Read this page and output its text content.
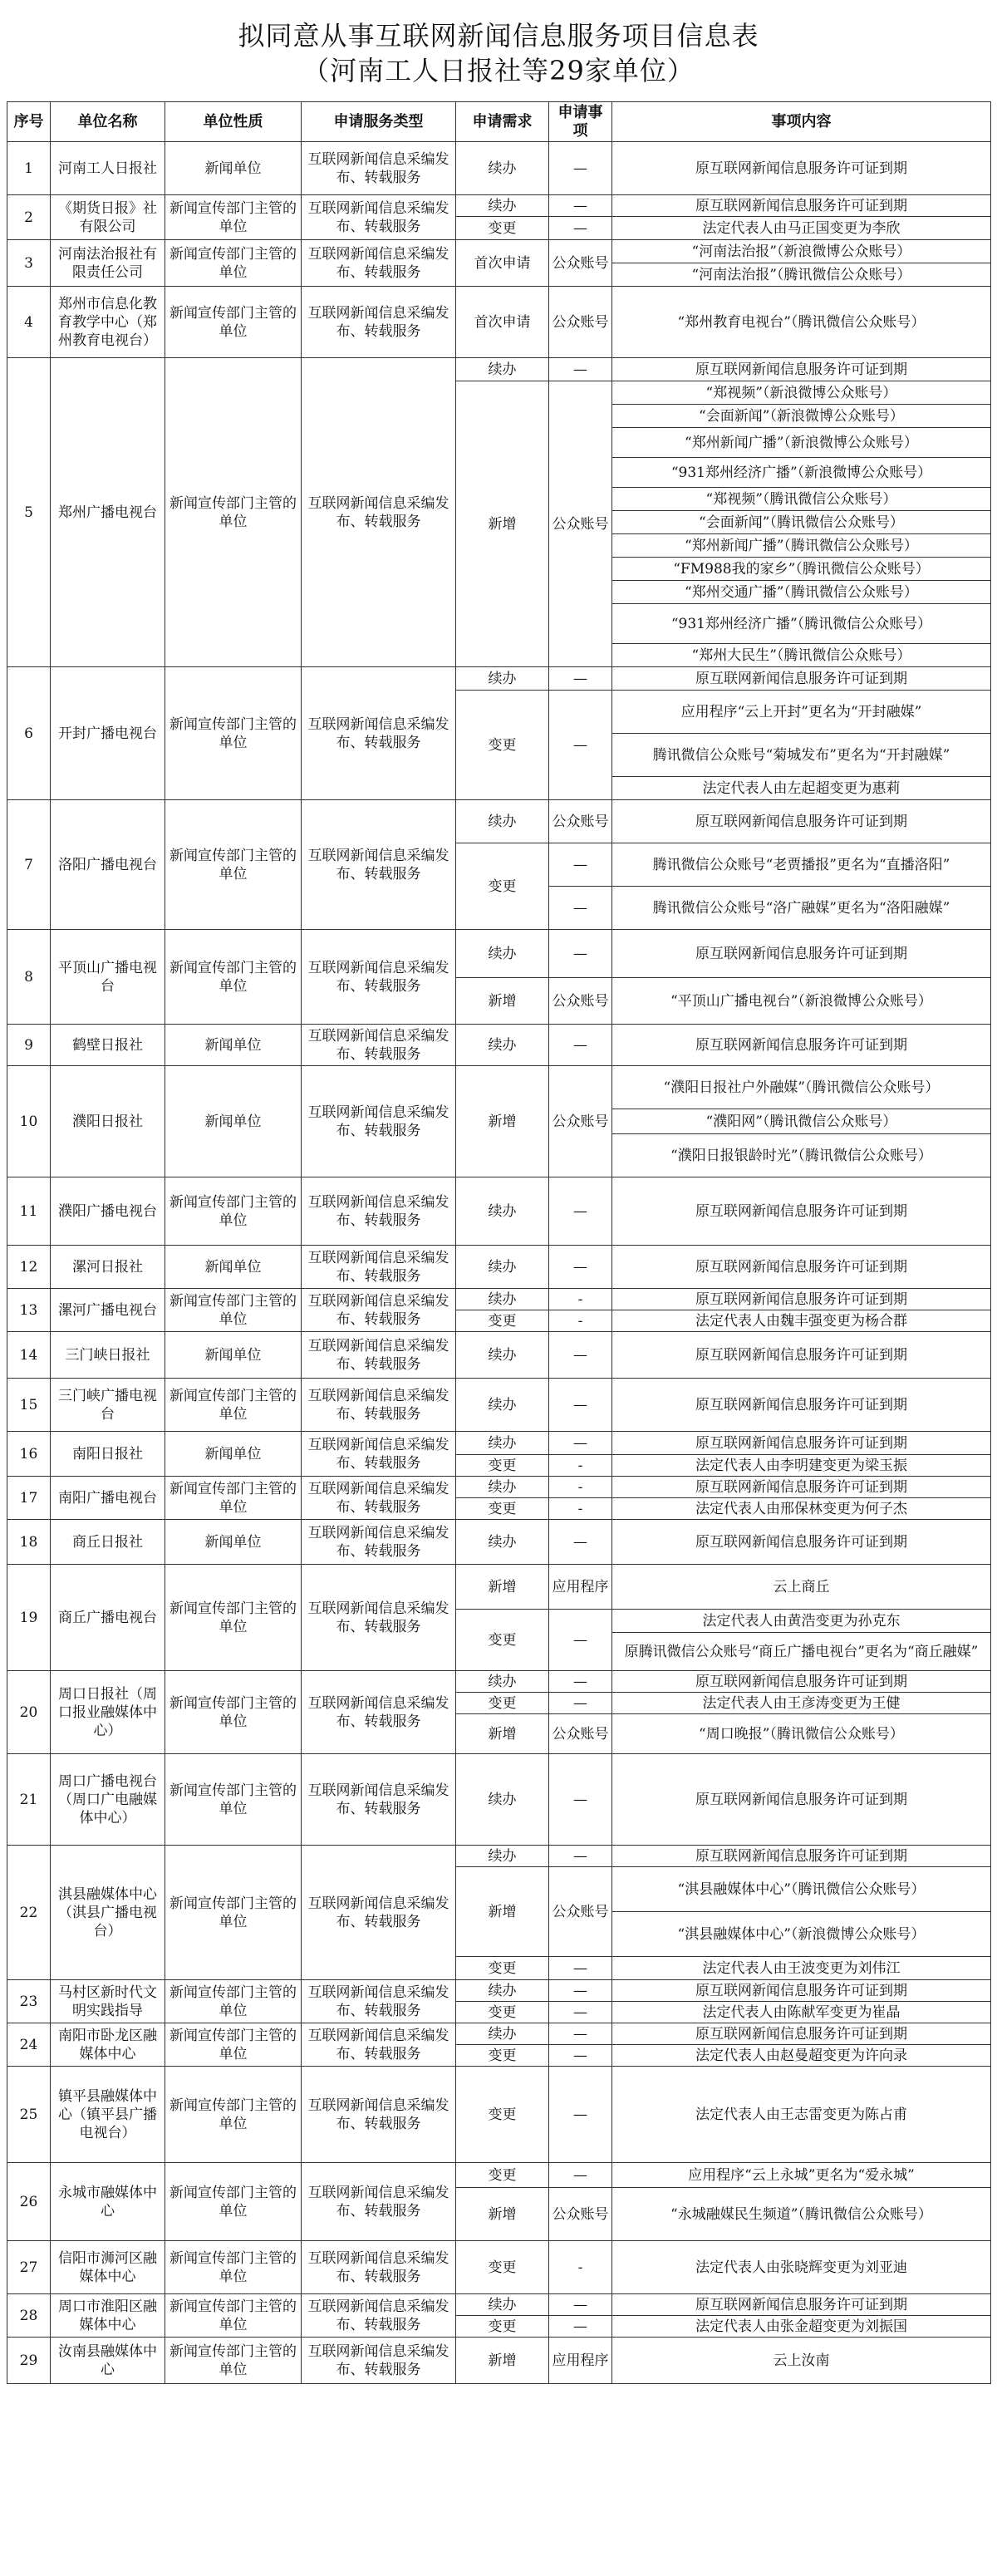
拟同意从事互联网新闻信息服务项目信息表
（河南工人日报社等29家单位）
序号	单位名称	单位性质	申请服务类型	申请需求	申请事项	事项内容
1	河南工人日报社	新闻单位	互联网新闻信息采编发布、转载服务	续办	—	原互联网新闻信息服务许可证到期
2	《期货日报》社有限公司	新闻宣传部门主管的单位	互联网新闻信息采编发布、转载服务	续办	—	原互联网新闻信息服务许可证到期
				变更	—	法定代表人由马正国变更为李欣
3	河南法治报社有限责任公司	新闻宣传部门主管的单位	互联网新闻信息采编发布、转载服务	首次申请	公众账号	“河南法治报”（新浪微博公众账号）
						“河南法治报”（腾讯微信公众账号）
4	郑州市信息化教育教学中心（郑州教育电视台）	新闻宣传部门主管的单位	互联网新闻信息采编发布、转载服务	首次申请	公众账号	“郑州教育电视台”（腾讯微信公众账号）
5	郑州广播电视台	新闻宣传部门主管的单位	互联网新闻信息采编发布、转载服务	续办	—	原互联网新闻信息服务许可证到期
				新增	公众账号	“郑视频”（新浪微博公众账号）
						“会面新闻”（新浪微博公众账号）
						“郑州新闻广播”（新浪微博公众账号）
						“931郑州经济广播”（新浪微博公众账号）
						“郑视频”（腾讯微信公众账号）
						“会面新闻”（腾讯微信公众账号）
						“郑州新闻广播”（腾讯微信公众账号）
						“FM988我的家乡”（腾讯微信公众账号）
						“郑州交通广播”（腾讯微信公众账号）
						“931郑州经济广播”（腾讯微信公众账号）
						“郑州大民生”（腾讯微信公众账号）
6	开封广播电视台	新闻宣传部门主管的单位	互联网新闻信息采编发布、转载服务	续办	—	原互联网新闻信息服务许可证到期
				变更	—	应用程序“云上开封”更名为“开封融媒”
						腾讯微信公众账号“菊城发布”更名为“开封融媒”
						法定代表人由左起超变更为惠莉
7	洛阳广播电视台	新闻宣传部门主管的单位	互联网新闻信息采编发布、转载服务	续办	公众账号	原互联网新闻信息服务许可证到期
				变更	—	腾讯微信公众账号“老贾播报”更名为“直播洛阳”
					—	腾讯微信公众账号“洛广融媒”更名为“洛阳融媒”
8	平顶山广播电视台	新闻宣传部门主管的单位	互联网新闻信息采编发布、转载服务	续办	—	原互联网新闻信息服务许可证到期
				新增	公众账号	“平顶山广播电视台”（新浪微博公众账号）
9	鹤壁日报社	新闻单位	互联网新闻信息采编发布、转载服务	续办	—	原互联网新闻信息服务许可证到期
10	濮阳日报社	新闻单位	互联网新闻信息采编发布、转载服务	新增	公众账号	“濮阳日报社户外融媒”（腾讯微信公众账号）
						“濮阳网”（腾讯微信公众账号）
						“濮阳日报银龄时光”（腾讯微信公众账号）
11	濮阳广播电视台	新闻宣传部门主管的单位	互联网新闻信息采编发布、转载服务	续办	—	原互联网新闻信息服务许可证到期
12	漯河日报社	新闻单位	互联网新闻信息采编发布、转载服务	续办	—	原互联网新闻信息服务许可证到期
13	漯河广播电视台	新闻宣传部门主管的单位	互联网新闻信息采编发布、转载服务	续办	-	原互联网新闻信息服务许可证到期
				变更	-	法定代表人由魏丰强变更为杨合群
14	三门峡日报社	新闻单位	互联网新闻信息采编发布、转载服务	续办	—	原互联网新闻信息服务许可证到期
15	三门峡广播电视台	新闻宣传部门主管的单位	互联网新闻信息采编发布、转载服务	续办	—	原互联网新闻信息服务许可证到期
16	南阳日报社	新闻单位	互联网新闻信息采编发布、转载服务	续办	—	原互联网新闻信息服务许可证到期
				变更	-	法定代表人由李明建变更为梁玉振
17	南阳广播电视台	新闻宣传部门主管的单位	互联网新闻信息采编发布、转载服务	续办	-	原互联网新闻信息服务许可证到期
				变更	-	法定代表人由邢保林变更为何子杰
18	商丘日报社	新闻单位	互联网新闻信息采编发布、转载服务	续办	—	原互联网新闻信息服务许可证到期
19	商丘广播电视台	新闻宣传部门主管的单位	互联网新闻信息采编发布、转载服务	新增	应用程序	云上商丘
				变更	—	法定代表人由黄浩变更为孙克东
						原腾讯微信公众账号“商丘广播电视台”更名为“商丘融媒”
20	周口日报社（周口报业融媒体中心）	新闻宣传部门主管的单位	互联网新闻信息采编发布、转载服务	续办	—	原互联网新闻信息服务许可证到期
				变更	—	法定代表人由王彦涛变更为王健
				新增	公众账号	“周口晚报”（腾讯微信公众账号）
21	周口广播电视台（周口广电融媒体中心）	新闻宣传部门主管的单位	互联网新闻信息采编发布、转载服务	续办	—	原互联网新闻信息服务许可证到期
22	淇县融媒体中心（淇县广播电视台）	新闻宣传部门主管的单位	互联网新闻信息采编发布、转载服务	续办	—	原互联网新闻信息服务许可证到期
				新增	公众账号	“淇县融媒体中心”（腾讯微信公众账号）
						“淇县融媒体中心”（新浪微博公众账号）
				变更	—	法定代表人由王波变更为刘伟江
23	马村区新时代文明实践指导	新闻宣传部门主管的单位	互联网新闻信息采编发布、转载服务	续办	—	原互联网新闻信息服务许可证到期
				变更	—	法定代表人由陈献军变更为崔晶
24	南阳市卧龙区融媒体中心	新闻宣传部门主管的单位	互联网新闻信息采编发布、转载服务	续办	—	原互联网新闻信息服务许可证到期
				变更	—	法定代表人由赵曼超变更为许向录
25	镇平县融媒体中心（镇平县广播电视台）	新闻宣传部门主管的单位	互联网新闻信息采编发布、转载服务	变更	—	法定代表人由王志雷变更为陈占甫
26	永城市融媒体中心	新闻宣传部门主管的单位	互联网新闻信息采编发布、转载服务	变更	—	应用程序“云上永城”更名为“爱永城”
				新增	公众账号	“永城融媒民生频道”（腾讯微信公众账号）
27	信阳市浉河区融媒体中心	新闻宣传部门主管的单位	互联网新闻信息采编发布、转载服务	变更	-	法定代表人由张晓辉变更为刘亚迪
28	周口市淮阳区融媒体中心	新闻宣传部门主管的单位	互联网新闻信息采编发布、转载服务	续办	—	原互联网新闻信息服务许可证到期
				变更	—	法定代表人由张金超变更为刘振国
29	汝南县融媒体中心	新闻宣传部门主管的单位	互联网新闻信息采编发布、转载服务	新增	应用程序	云上汝南
